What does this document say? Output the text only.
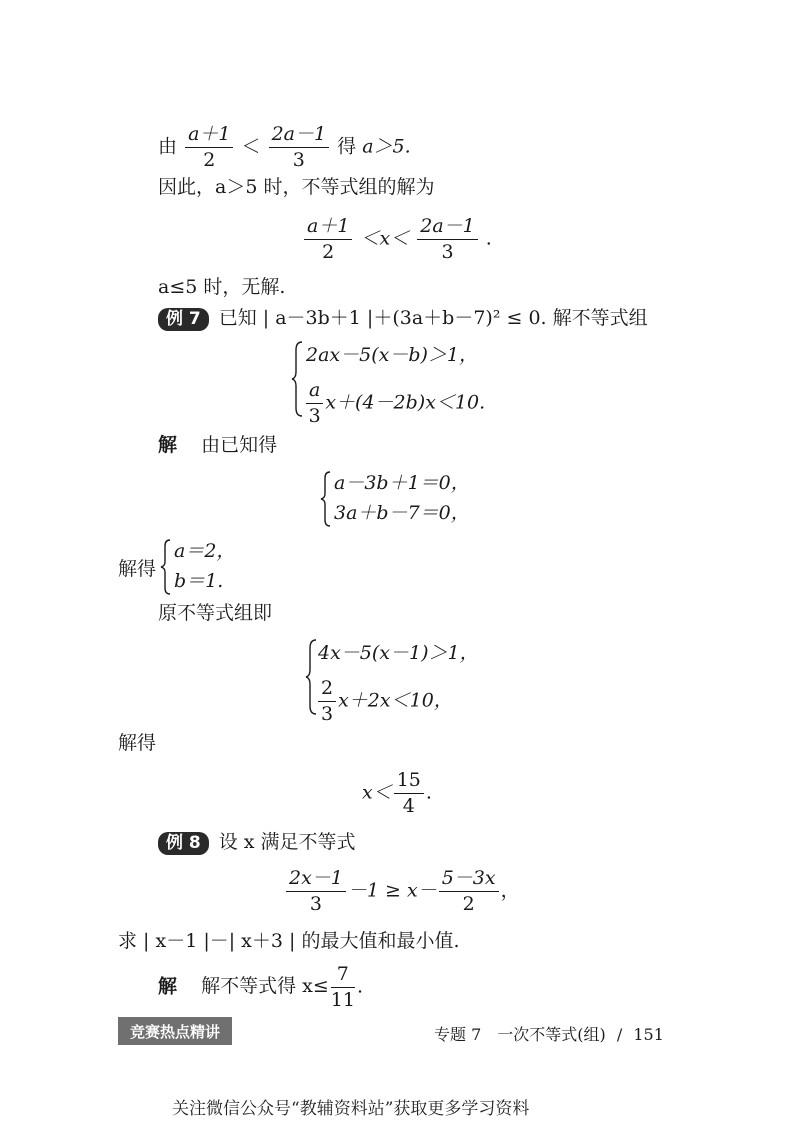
由 $\frac{a+1}{2} < \frac{2a-1}{3}$ 得 a＞5.
因此，a＞5 时，不等式组的解为
$\frac{a+1}{2} <x< \frac{2a-1}{3}$ .
a≤5 时，无解.
例 7 已知 | a－3b＋1 |＋(3a＋b－7)² ≤ 0. 解不等式组
2ax－5(x－b)＞1，
$\frac{a}{3} x+(4-2b)x<10$.
解 由已知得
a－3b＋1＝0，
3a＋b－7＝0，
解得
a＝2，
b＝1.
原不等式组即
4x－5(x－1)＞1，
$\frac{2}{3} x+2x<10$，
解得
$x< \frac{15}{4}$ .
例 8 设 x 满足不等式
$\frac{2x-1}{3} -1 \ge x- \frac{5-3x}{2}$ ，
求 | x－1 |－| x＋3 | 的最大值和最小值.
解 解不等式得 $x\le \frac{7}{11}$ .
竞赛热点精讲	专题 7　一次不等式(组) / 151
关注微信公众号“教辅资料站”获取更多学习资料
